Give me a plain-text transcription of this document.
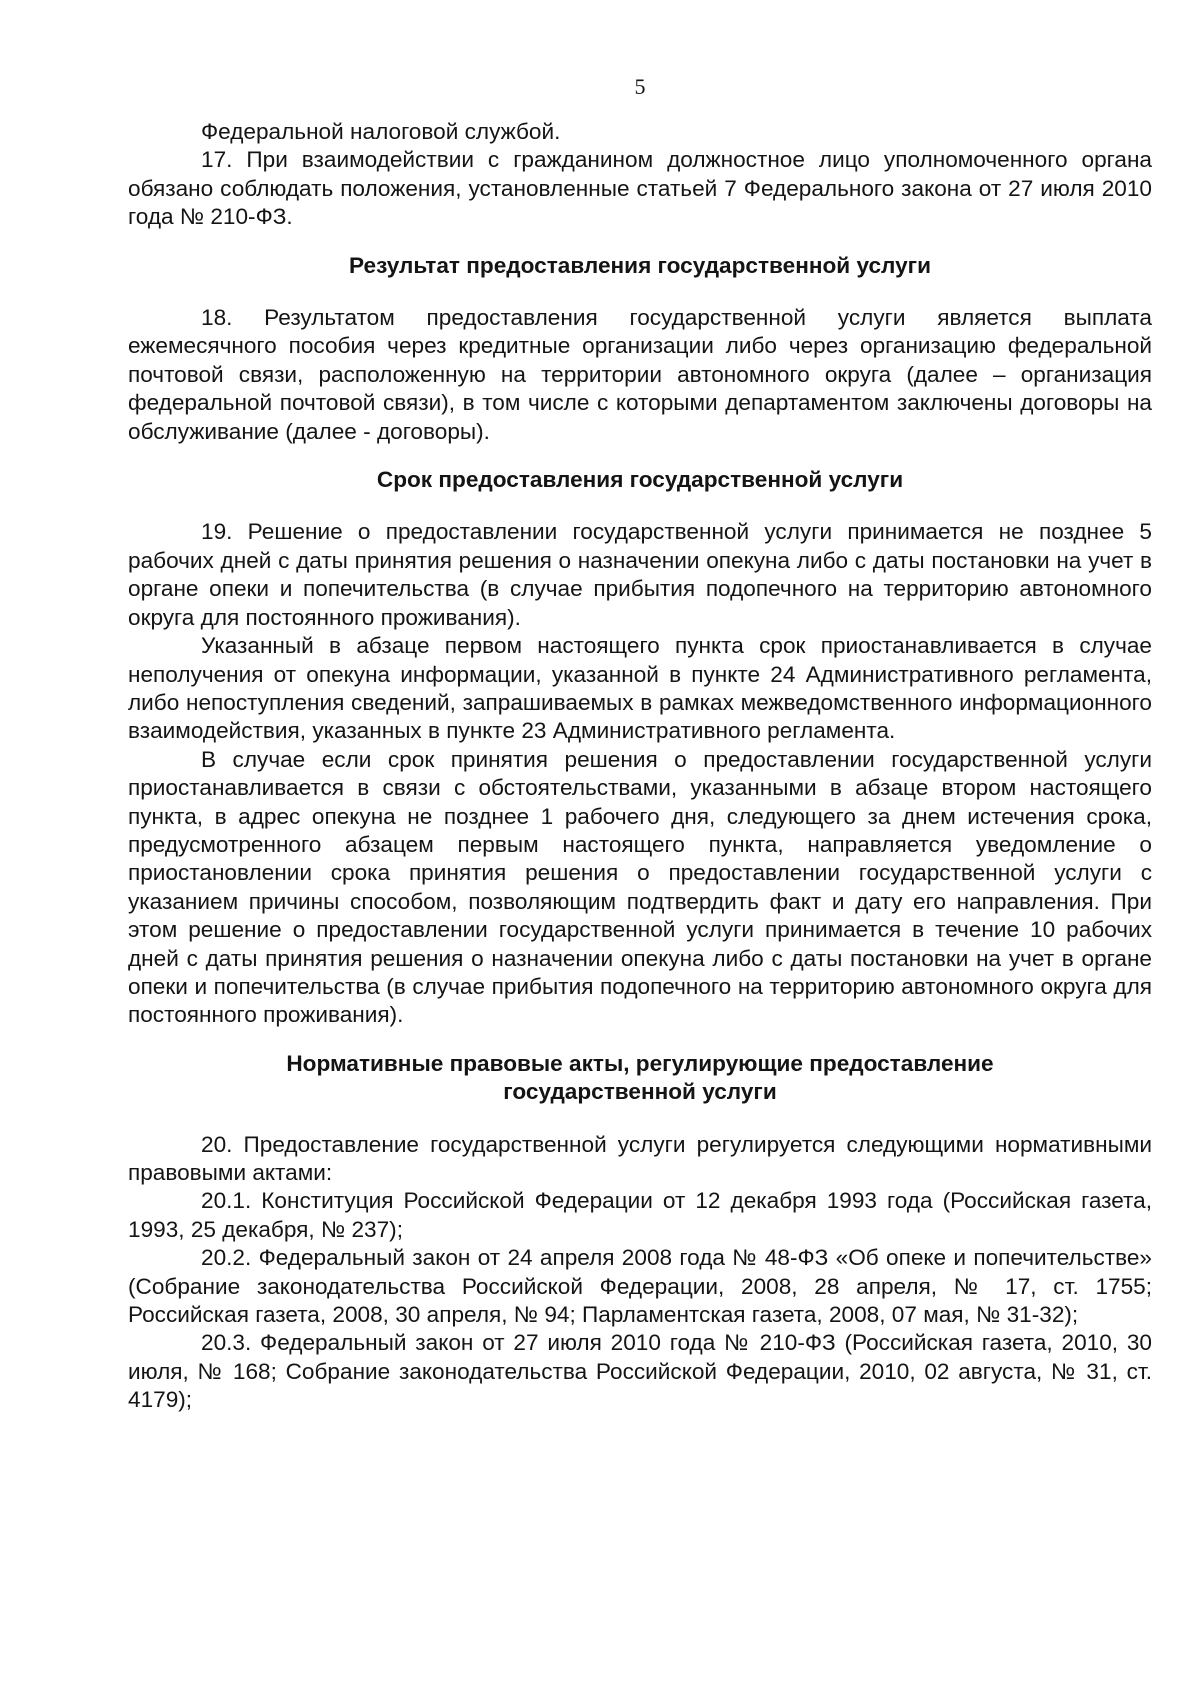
5

Федеральной налоговой службой.

17. При взаимодействии с гражданином должностное лицо уполномоченного органа обязано соблюдать положения, установленные статьей 7 Федерального закона от 27 июля 2010 года № 210-ФЗ.

Результат предоставления государственной услуги

18. Результатом предоставления государственной услуги является выплата ежемесячного пособия через кредитные организации либо через организацию федеральной почтовой связи, расположенную на территории автономного округа (далее – организация федеральной почтовой связи), в том числе с которыми департаментом заключены договоры на обслуживание (далее - договоры).

Срок предоставления государственной услуги

19. Решение о предоставлении государственной услуги принимается не позднее 5 рабочих дней с даты принятия решения о назначении опекуна либо с даты постановки на учет в органе опеки и попечительства (в случае прибытия подопечного на территорию автономного округа для постоянного проживания).

Указанный в абзаце первом настоящего пункта срок приостанавливается в случае неполучения от опекуна информации, указанной в пункте 24 Административного регламента, либо непоступления сведений, запрашиваемых в рамках межведомственного информационного взаимодействия, указанных в пункте 23 Административного регламента.

В случае если срок принятия решения о предоставлении государственной услуги приостанавливается в связи с обстоятельствами, указанными в абзаце втором настоящего пункта, в адрес опекуна не позднее 1 рабочего дня, следующего за днем истечения срока, предусмотренного абзацем первым настоящего пункта, направляется уведомление о приостановлении срока принятия решения о предоставлении государственной услуги с указанием причины способом, позволяющим подтвердить факт и дату его направления. При этом решение о предоставлении государственной услуги принимается в течение 10 рабочих дней с даты принятия решения о назначении опекуна либо с даты постановки на учет в органе опеки и попечительства (в случае прибытия подопечного на территорию автономного округа для постоянного проживания).

Нормативные правовые акты, регулирующие предоставление
государственной услуги

20. Предоставление государственной услуги регулируется следующими нормативными правовыми актами:

20.1. Конституция Российской Федерации от 12 декабря 1993 года (Российская газета, 1993, 25 декабря, № 237);

20.2. Федеральный закон от 24 апреля 2008 года № 48-ФЗ «Об опеке и попечительстве» (Собрание законодательства Российской Федерации, 2008, 28 апреля, № 17, ст. 1755; Российская газета, 2008, 30 апреля, № 94; Парламентская газета, 2008, 07 мая, № 31-32);

20.3. Федеральный закон от 27 июля 2010 года № 210-ФЗ (Российская газета, 2010, 30 июля, № 168; Собрание законодательства Российской Федерации, 2010, 02 августа, № 31, ст. 4179);
